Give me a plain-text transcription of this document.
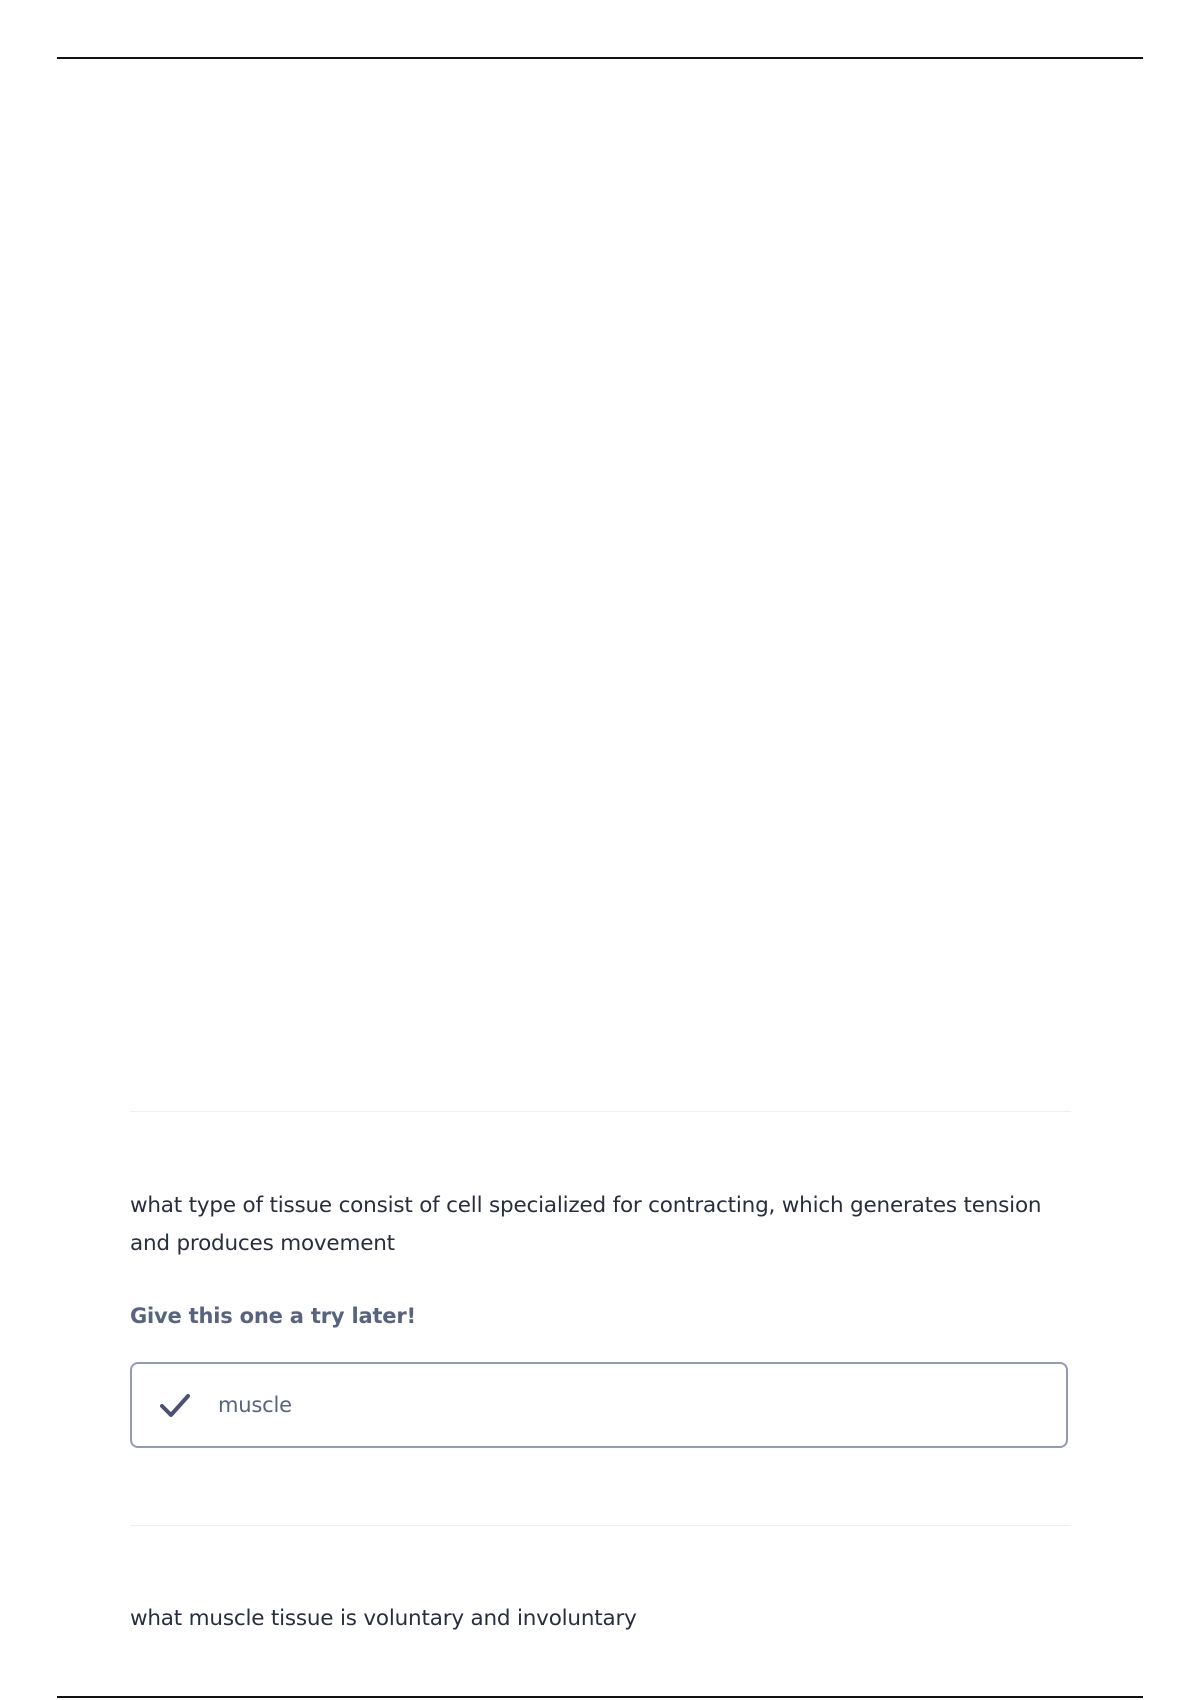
what type of tissue consist of cell specialized for contracting, which generates tension and produces movement
Give this one a try later!
muscle
what muscle tissue is voluntary and involuntary
